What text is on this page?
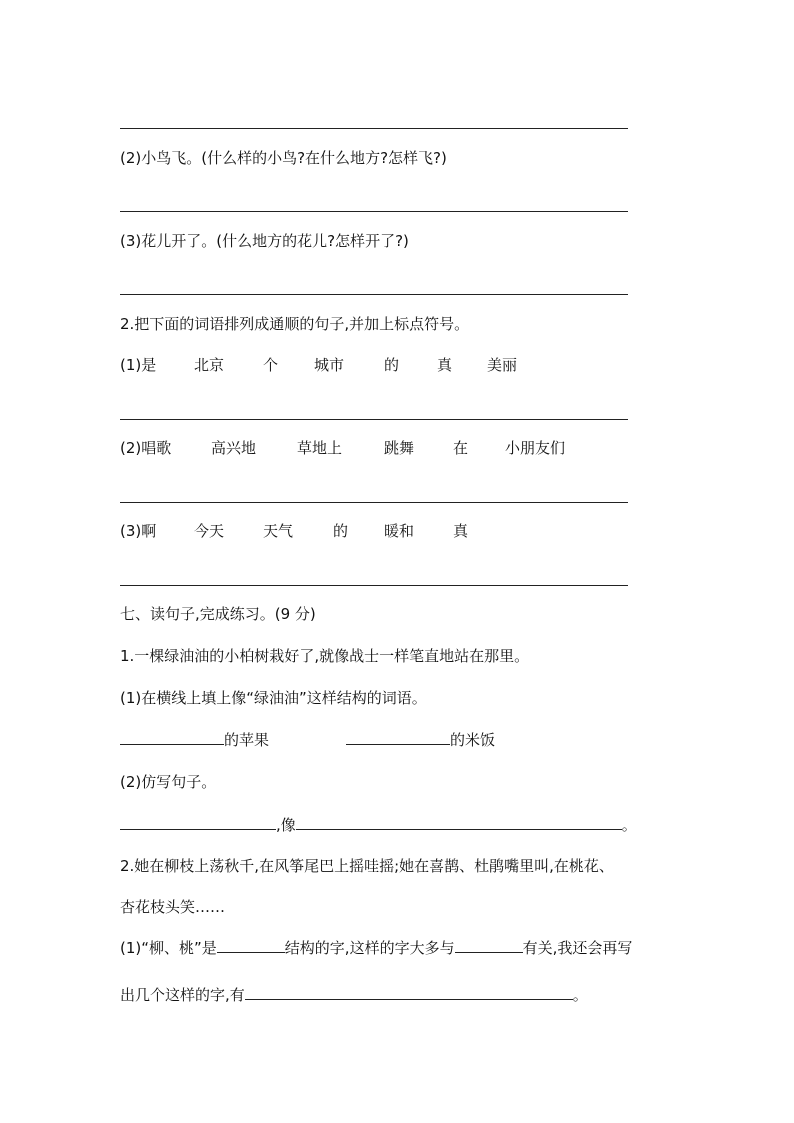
(2)小鸟飞。(什么样的小鸟?在什么地方?怎样飞?)
(3)花儿开了。(什么地方的花儿?怎样开了?)
2.把下面的词语排列成通顺的句子,并加上标点符号。
(1)是	北京	个 城市	的	真 美丽
(2)唱歌	高兴地	草地上	跳舞	在 小朋友们
(3)啊	今天	天气	的 暖和	真
七、读句子,完成练习。(9 分)
1.一棵绿油油的小柏树栽好了,就像战士一样笔直地站在那里。
(1)在横线上填上像“绿油油”这样结构的词语。
的苹果	的米饭
(2)仿写句子。
,像	。
2.她在柳枝上荡秋千,在风筝尾巴上摇哇摇;她在喜鹊、杜鹃嘴里叫,在桃花、
杏花枝头笑……
(1)“柳、桃”是	结构的字,这样的字大多与	有关,我还会再写
出几个这样的字,有	。
